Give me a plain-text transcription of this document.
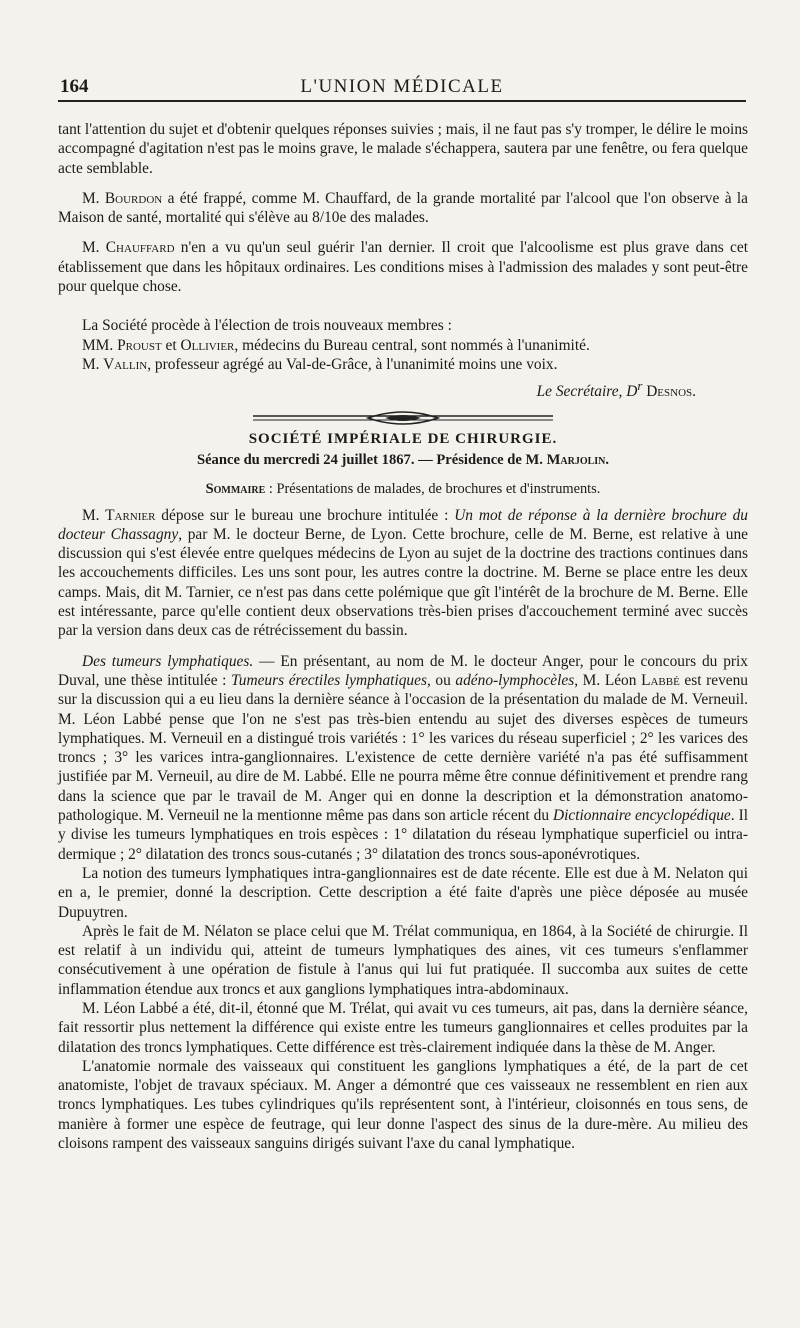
164	L'UNION MÉDICALE

tant l'attention du sujet et d'obtenir quelques réponses suivies ; mais, il ne faut pas s'y tromper, le délire le moins accompagné d'agitation n'est pas le moins grave, le malade s'échappera, sautera par une fenêtre, ou fera quelque acte semblable.

M. Bourdon a été frappé, comme M. Chauffard, de la grande mortalité par l'alcool que l'on observe à la Maison de santé, mortalité qui s'élève au 8/10e des malades.

M. Chauffard n'en a vu qu'un seul guérir l'an dernier. Il croit que l'alcoolisme est plus grave dans cet établissement que dans les hôpitaux ordinaires. Les conditions mises à l'admission des malades y sont peut-être pour quelque chose.

La Société procède à l'élection de trois nouveaux membres :

MM. Proust et Ollivier, médecins du Bureau central, sont nommés à l'unanimité.

M. Vallin, professeur agrégé au Val-de-Grâce, à l'unanimité moins une voix.

Le Secrétaire, $D^r$ Desnos.

SOCIÉTÉ IMPÉRIALE DE CHIRURGIE.

Séance du mercredi 24 juillet 1867. — Présidence de M. Marjolin.

Sommaire : Présentations de malades, de brochures et d'instruments.

M. Tarnier dépose sur le bureau une brochure intitulée : Un mot de réponse à la dernière brochure du docteur Chassagny, par M. le docteur Berne, de Lyon. Cette brochure, celle de M. Berne, est relative à une discussion qui s'est élevée entre quelques médecins de Lyon au sujet de la doctrine des tractions continues dans les accouchements difficiles. Les uns sont pour, les autres contre la doctrine. M. Berne se place entre les deux camps. Mais, dit M. Tarnier, ce n'est pas dans cette polémique que gît l'intérêt de la brochure de M. Berne. Elle est intéressante, parce qu'elle contient deux observations très-bien prises d'accouchement terminé avec succès par la version dans deux cas de rétrécissement du bassin.

Des tumeurs lymphatiques. — En présentant, au nom de M. le docteur Anger, pour le concours du prix Duval, une thèse intitulée : Tumeurs érectiles lymphatiques, ou adéno-lymphocèles, M. Léon Labbé est revenu sur la discussion qui a eu lieu dans la dernière séance à l'occasion de la présentation du malade de M. Verneuil. M. Léon Labbé pense que l'on ne s'est pas très-bien entendu au sujet des diverses espèces de tumeurs lymphatiques. M. Verneuil en a distingué trois variétés : 1° les varices du réseau superficiel ; 2° les varices des troncs ; 3° les varices intra-ganglionnaires. L'existence de cette dernière variété n'a pas été suffisamment justifiée par M. Verneuil, au dire de M. Labbé. Elle ne pourra même être connue définitivement et prendre rang dans la science que par le travail de M. Anger qui en donne la description et la démonstration anatomo-pathologique. M. Verneuil ne la mentionne même pas dans son article récent du Dictionnaire encyclopédique. Il y divise les tumeurs lymphatiques en trois espèces : 1° dilatation du réseau lymphatique superficiel ou intra-dermique ; 2° dilatation des troncs sous-cutanés ; 3° dilatation des troncs sous-aponévrotiques.

La notion des tumeurs lymphatiques intra-ganglionnaires est de date récente. Elle est due à M. Nelaton qui en a, le premier, donné la description. Cette description a été faite d'après une pièce déposée au musée Dupuytren.

Après le fait de M. Nélaton se place celui que M. Trélat communiqua, en 1864, à la Société de chirurgie. Il est relatif à un individu qui, atteint de tumeurs lymphatiques des aines, vit ces tumeurs s'enflammer consécutivement à une opération de fistule à l'anus qui lui fut pratiquée. Il succomba aux suites de cette inflammation étendue aux troncs et aux ganglions lymphatiques intra-abdominaux.

M. Léon Labbé a été, dit-il, étonné que M. Trélat, qui avait vu ces tumeurs, ait pas, dans la dernière séance, fait ressortir plus nettement la différence qui existe entre les tumeurs ganglionnaires et celles produites par la dilatation des troncs lymphatiques. Cette différence est très-clairement indiquée dans la thèse de M. Anger.

L'anatomie normale des vaisseaux qui constituent les ganglions lymphatiques a été, de la part de cet anatomiste, l'objet de travaux spéciaux. M. Anger a démontré que ces vaisseaux ne ressemblent en rien aux troncs lymphatiques. Les tubes cylindriques qu'ils représentent sont, à l'intérieur, cloisonnés en tous sens, de manière à former une espèce de feutrage, qui leur donne l'aspect des sinus de la dure-mère. Au milieu des cloisons rampent des vaisseaux sanguins dirigés suivant l'axe du canal lymphatique.
